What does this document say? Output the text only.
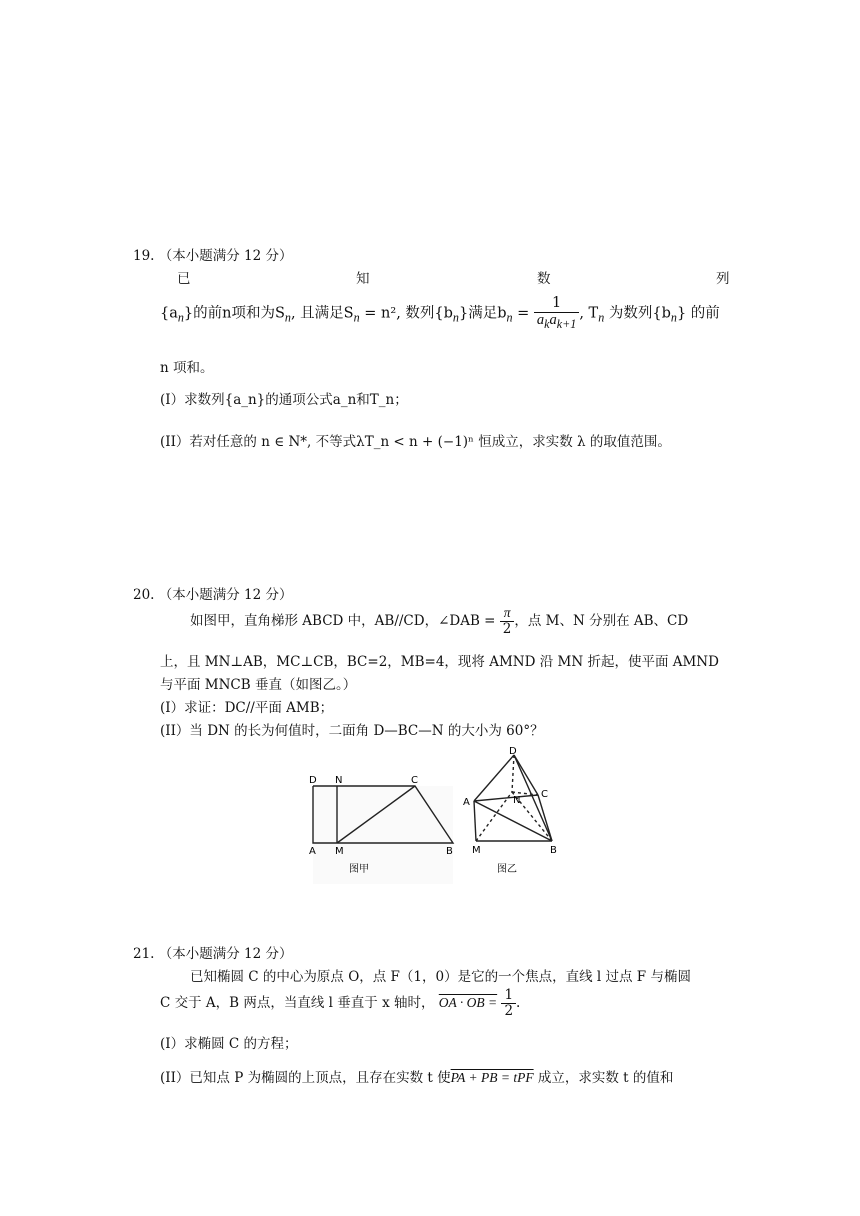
19. （本小题满分 12 分）
已	知	数	列
$\{a_n\}$的前n项和为$S_n$, 且满足$S_n = n^2$, 数列$\{b_n\}$满足$b_n = \frac{1}{a_ka_{k+1}}$ , $T_n$ 为数列$\{b_n\}$ 的前
n 项和。
(I）求数列{a_n}的通项公式a_n和T_n；
(II）若对任意的 n ∈ N*, 不等式λT_n < n + (−1)ⁿ 恒成立，求实数 λ 的取值范围。
20. （本小题满分 12 分）
如图甲，直角梯形 ABCD 中，AB//CD，∠DAB = $\frac{\pi}{2}$ ，点 M、N 分别在 AB、CD
上，且 MN⊥AB，MC⊥CB，BC=2，MB=4，现将 AMND 沿 MN 折起，使平面 AMND
与平面 MNCB 垂直（如图乙。）
(I）求证：DC//平面 AMB；
(II）当 DN 的长为何值时，二面角 D—BC—N 的大小为 60°？
D N	C
A M	B
图甲
D
A	N
C
M	B
图乙
21. （本小题满分 12 分）
已知椭圆 C 的中心为原点 O，点 F（1，0）是它的一个焦点，直线 l 过点 F 与椭圆
C 交于 A，B 两点，当直线 l 垂直于 x 轴时， OA · OB = $\frac{1}{2}$ .
(I）求椭圆 C 的方程；
(II）已知点 P 为椭圆的上顶点，且存在实数 t 使PA + PB = tPF 成立，求实数 t 的值和
